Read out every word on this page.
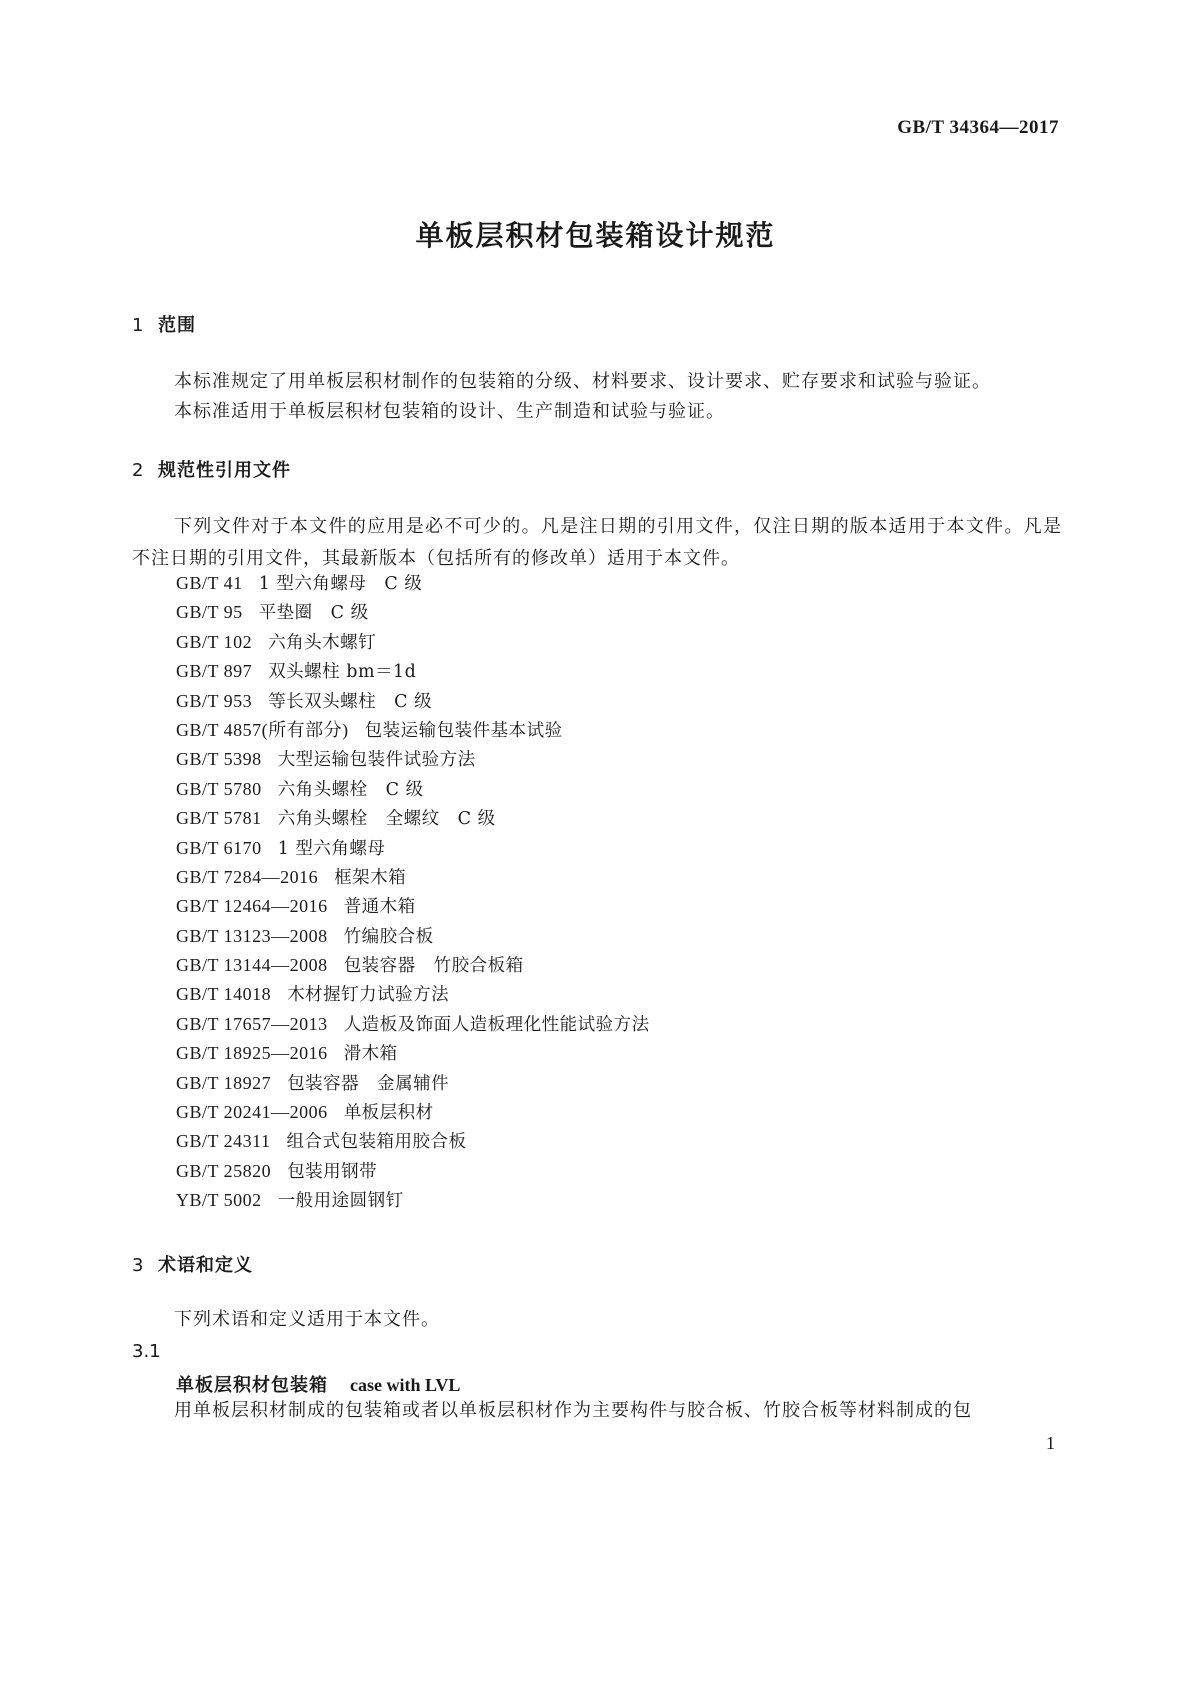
GB/T 34364—2017
单板层积材包装箱设计规范
1 范围
本标准规定了用单板层积材制作的包装箱的分级、材料要求、设计要求、贮存要求和试验与验证。
本标准适用于单板层积材包装箱的设计、生产制造和试验与验证。
2 规范性引用文件
下列文件对于本文件的应用是必不可少的。凡是注日期的引用文件，仅注日期的版本适用于本文件。凡是不注日期的引用文件，其最新版本（包括所有的修改单）适用于本文件。
GB/T 41 1 型六角螺母　C 级
GB/T 95 平垫圈　C 级
GB/T 102 六角头木螺钉
GB/T 897 双头螺柱 bm＝1d
GB/T 953 等长双头螺柱　C 级
GB/T 4857(所有部分) 包装运输包装件基本试验
GB/T 5398 大型运输包装件试验方法
GB/T 5780 六角头螺栓　C 级
GB/T 5781 六角头螺栓　全螺纹　C 级
GB/T 6170 1 型六角螺母
GB/T 7284—2016 框架木箱
GB/T 12464—2016 普通木箱
GB/T 13123—2008 竹编胶合板
GB/T 13144—2008 包装容器　竹胶合板箱
GB/T 14018 木材握钉力试验方法
GB/T 17657—2013 人造板及饰面人造板理化性能试验方法
GB/T 18925—2016 滑木箱
GB/T 18927 包装容器　金属辅件
GB/T 20241—2006 单板层积材
GB/T 24311 组合式包装箱用胶合板
GB/T 25820 包装用钢带
YB/T 5002 一般用途圆钢钉
3 术语和定义
下列术语和定义适用于本文件。
3.1
单板层积材包装箱 case with LVL
用单板层积材制成的包装箱或者以单板层积材作为主要构件与胶合板、竹胶合板等材料制成的包
1
